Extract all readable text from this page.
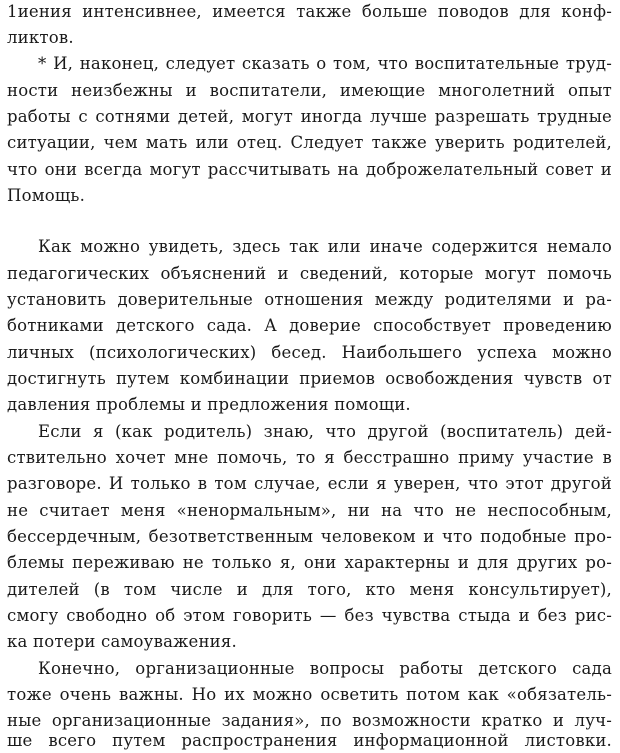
1иения интенсивнее, имеется также больше поводов для конф-
ликтов.
* И, наконец, следует сказать о том, что воспитательные труд-
ности неизбежны и воспитатели, имеющие многолетний опыт
работы с сотнями детей, могут иногда лучше разрешать трудные
ситуации, чем мать или отец. Следует также уверить родителей,
что они всегда могут рассчитывать на доброжелательный совет и
Помощь.
Как можно увидеть, здесь так или иначе содержится немало
педагогических объяснений и сведений, которые могут помочь
установить доверительные отношения между родителями и ра-
ботниками детского сада. А доверие способствует проведению
личных (психологических) бесед. Наибольшего успеха можно
достигнуть путем комбинации приемов освобождения чувств от
давления проблемы и предложения помощи.
Если я (как родитель) знаю, что другой (воспитатель) дей-
ствительно хочет мне помочь, то я бесстрашно приму участие в
разговоре. И только в том случае, если я уверен, что этот другой
не считает меня «ненормальным», ни на что не неспособным,
бессердечным, безответственным человеком и что подобные про-
блемы переживаю не только я, они характерны и для других ро-
дителей (в том числе и для того, кто меня консультирует),
смогу свободно об этом говорить — без чувства стыда и без рис-
ка потери самоуважения.
Конечно, организационные вопросы работы детского сада
тоже очень важны. Но их можно осветить потом как «обязатель-
ные организационные задания», по возможности кратко и луч-
ше всего путем распространения информационной листовки.
